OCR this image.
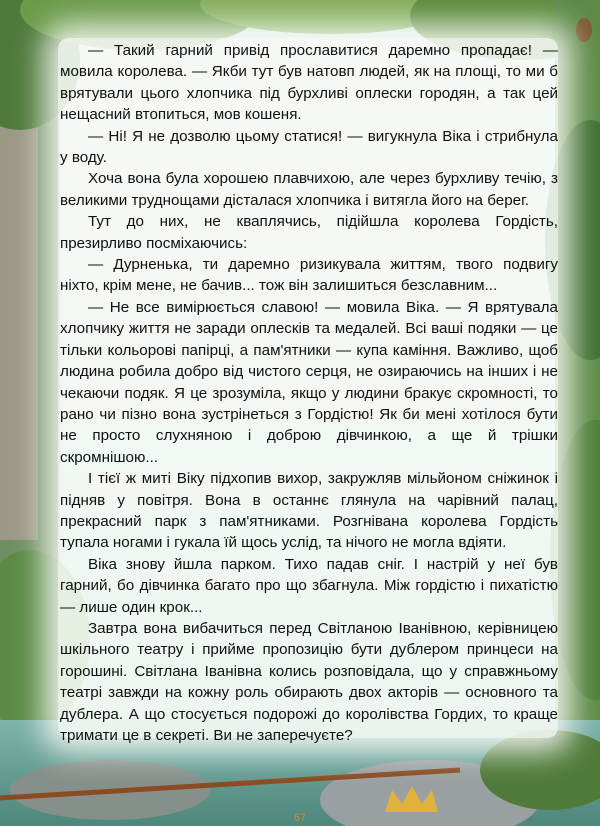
— Такий гарний привід прославитися даремно пропадає! — мовила королева. — Якби тут був натовп людей, як на площі, то ми б врятували цього хлопчика під бурхливі оплески городян, а так цей нещасний втопиться, мов кошеня.

— Ні! Я не дозволю цьому статися! — вигукнула Віка і стрибнула у воду.

Хоча вона була хорошею плавчихою, але через бурхливу течію, з великими труднощами дісталася хлопчика і витягла його на берег.

Тут до них, не кваплячись, підійшла королева Гордість, презирливо посміхаючись:

— Дурненька, ти даремно ризикувала життям, твого подвигу ніхто, крім мене, не бачив... тож він залишиться безславним...

— Не все вимірюється славою! — мовила Віка. — Я врятувала хлопчику життя не заради оплесків та медалей. Всі ваші подяки — це тільки кольорові папірці, а пам'ятники — купа каміння. Важливо, щоб людина робила добро від чистого серця, не озираючись на інших і не чекаючи подяк. Я це зрозуміла, якщо у людини бракує скромності, то рано чи пізно вона зустрінеться з Гордістю! Як би мені хотілося бути не просто слухняною і доброю дівчинкою, а ще й трішки скромнішою...

І тієї ж миті Віку підхопив вихор, закружляв мільйоном сніжинок і підняв у повітря. Вона в останнє глянула на чарівний палац, прекрасний парк з пам'ятниками. Розгнівана королева Гордість тупала ногами і гукала їй щось услід, та нічого не могла вдіяти.

Віка знову йшла парком. Тихо падав сніг. І настрій у неї був гарний, бо дівчинка багато про що збагнула. Між гордістю і пихатістю — лише один крок...

Завтра вона вибачиться перед Світланою Іванівною, керівницею шкільного театру і прийме пропозицію бути дублером принцеси на горошині. Світлана Іванівна колись розповідала, що у справжньому театрі завжди на кожну роль обирають двох акторів — основного та дублера. А що стосується подорожі до королівства Гордих, то краще тримати це в секреті. Ви не заперечуєте?

67
